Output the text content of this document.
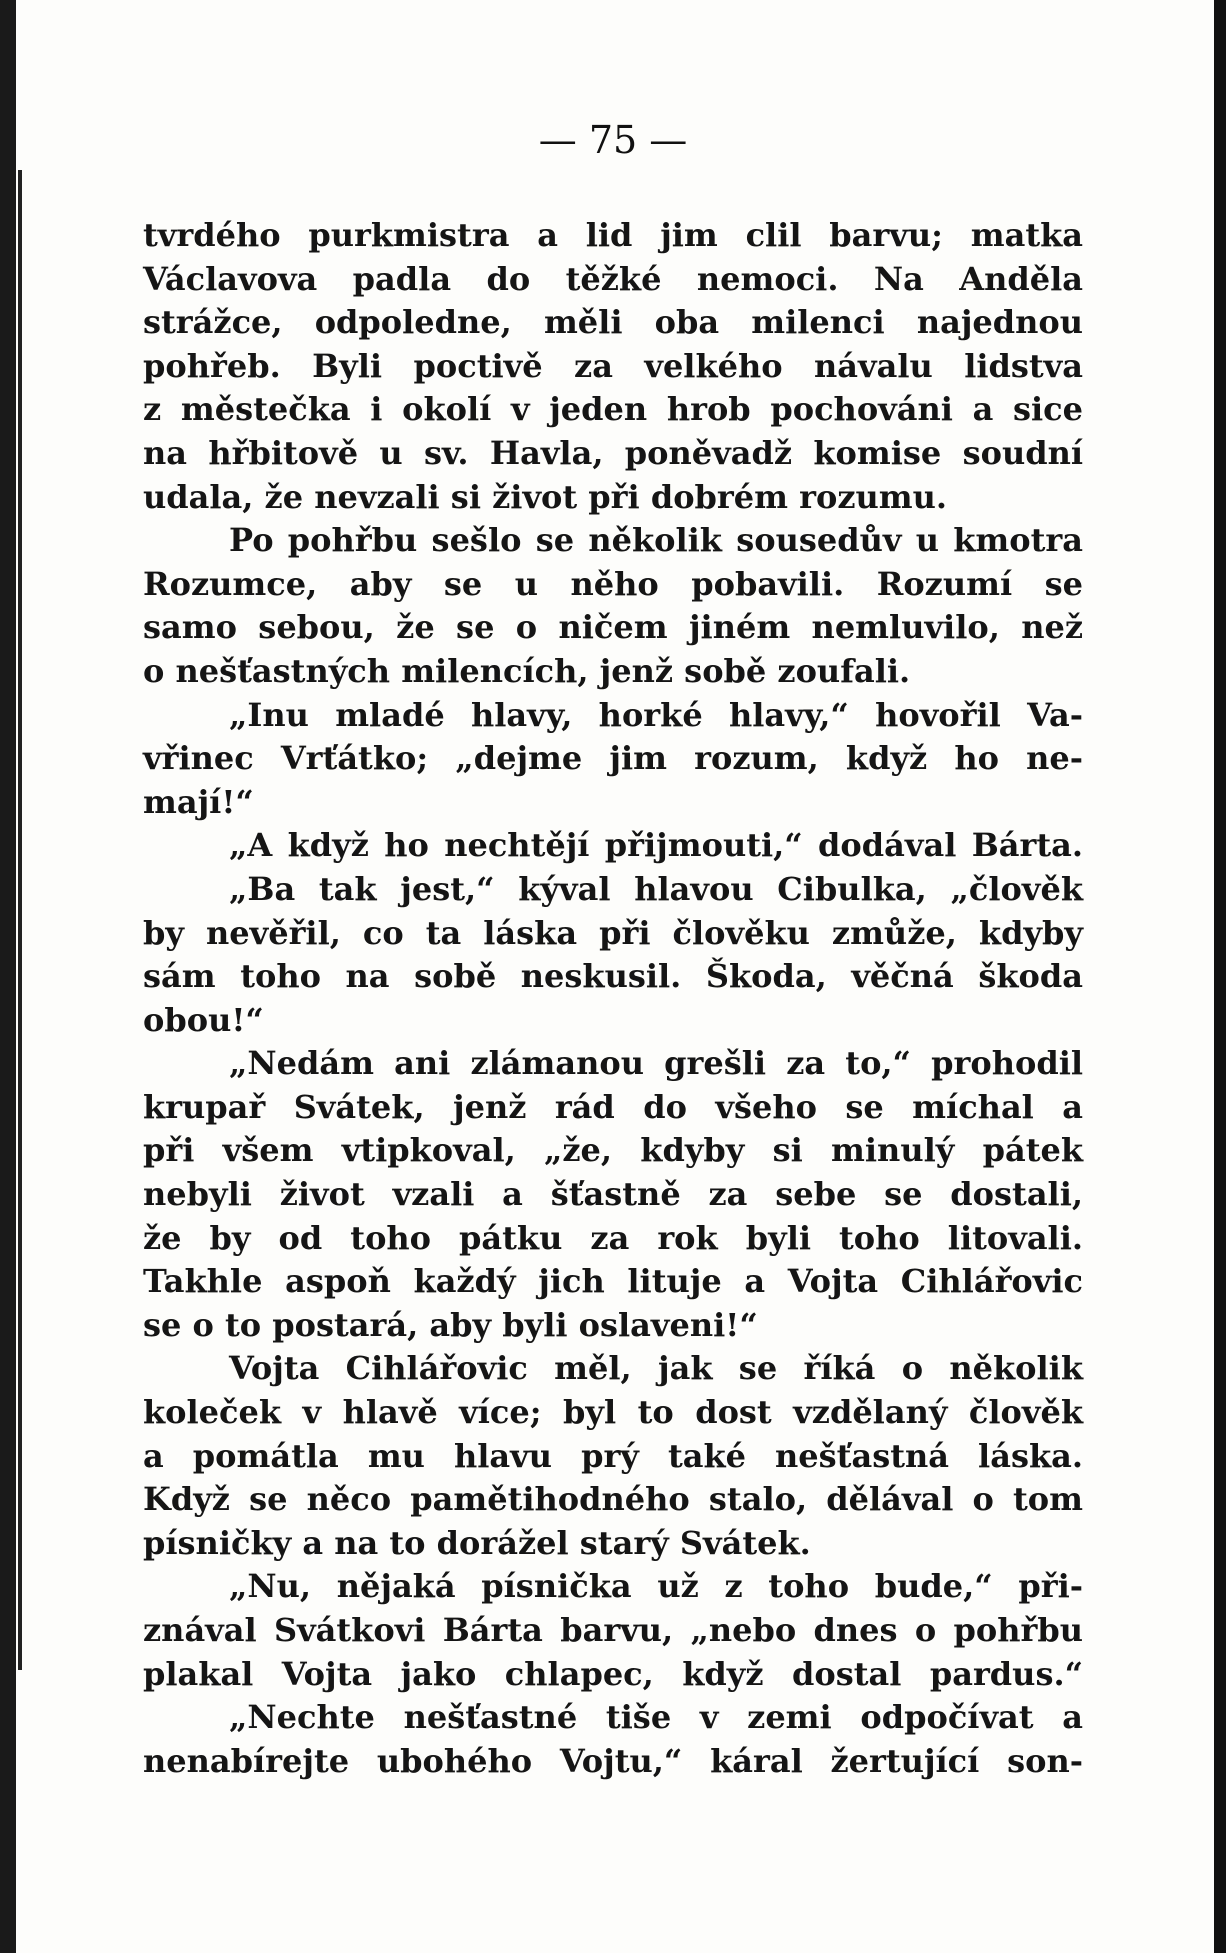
— 75 —
tvrdého purkmistra a lid jim clil barvu; matka
Václavova padla do těžké nemoci. Na Anděla
strážce, odpoledne, měli oba milenci najednou
pohřeb. Byli poctivě za velkého návalu lidstva
z městečka i okolí v jeden hrob pochováni a sice
na hřbitově u sv. Havla, poněvadž komise soudní
udala, že nevzali si život při dobrém rozumu.
Po pohřbu sešlo se několik sousedův u kmotra
Rozumce, aby se u něho pobavili. Rozumí se
samo sebou, že se o ničem jiném nemluvilo, než
o nešťastných milencích, jenž sobě zoufali.
„Inu mladé hlavy, horké hlavy,“ hovořil Va-
vřinec Vrťátko; „dejme jim rozum, když ho ne-
mají!“
„A když ho nechtějí přijmouti,“ dodával Bárta.
„Ba tak jest,“ kýval hlavou Cibulka, „člověk
by nevěřil, co ta láska při člověku zmůže, kdyby
sám toho na sobě neskusil. Škoda, věčná škoda
obou!“
„Nedám ani zlámanou grešli za to,“ prohodil
krupař Svátek, jenž rád do všeho se míchal a
při všem vtipkoval, „že, kdyby si minulý pátek
nebyli život vzali a šťastně za sebe se dostali,
že by od toho pátku za rok byli toho litovali.
Takhle aspoň každý jich lituje a Vojta Cihlářovic
se o to postará, aby byli oslaveni!“
Vojta Cihlářovic měl, jak se říká o několik
koleček v hlavě více; byl to dost vzdělaný člověk
a pomátla mu hlavu prý také nešťastná láska.
Když se něco pamětihodného stalo, dělával o tom
písničky a na to dorážel starý Svátek.
„Nu, nějaká písnička už z toho bude,“ při-
znával Svátkovi Bárta barvu, „nebo dnes o pohřbu
plakal Vojta jako chlapec, když dostal pardus.“
„Nechte nešťastné tiše v zemi odpočívat a
nenabírejte ubohého Vojtu,“ káral žertující son-
